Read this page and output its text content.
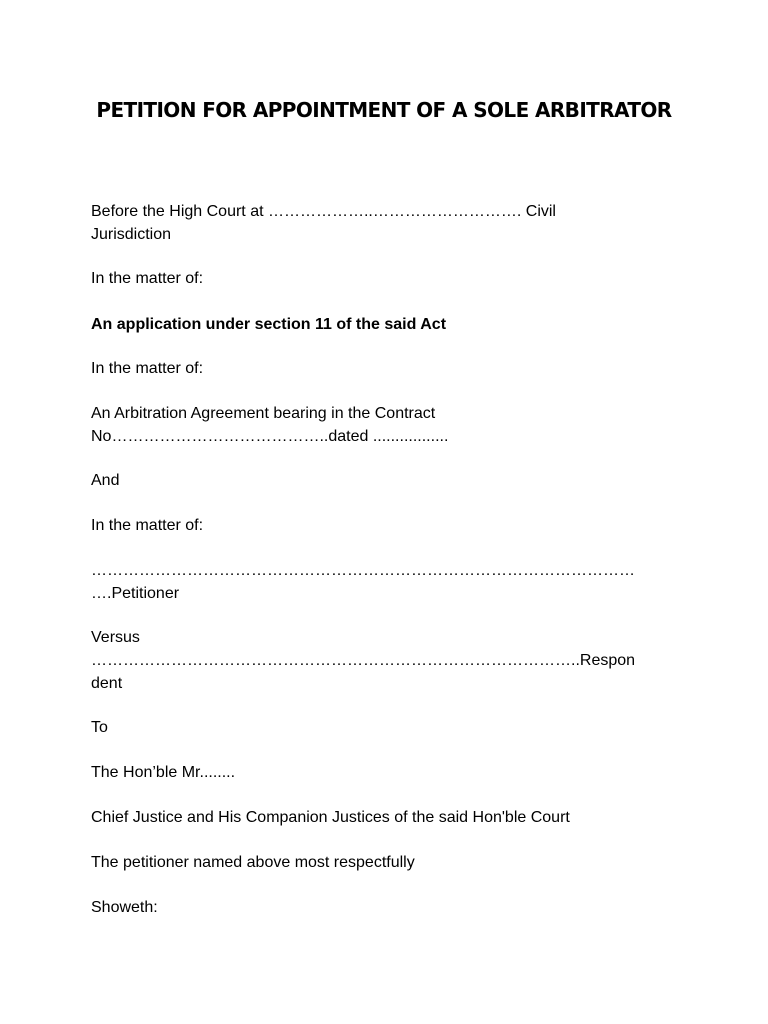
PETITION FOR APPOINTMENT OF A SOLE ARBITRATOR
Before the High Court at ………………..………………………. Civil
Jurisdiction
In the matter of:
An application under section 11 of the said Act
In the matter of:
An Arbitration Agreement bearing in the Contract
No…………………………………..dated .................
And
In the matter of:
…………………………………………………………………………………………
….Petitioner
Versus
………………………………………………………………………………..Respon
dent
To
The Hon’ble Mr........
Chief Justice and His Companion Justices of the said Hon'ble Court
The petitioner named above most respectfully
Showeth:
